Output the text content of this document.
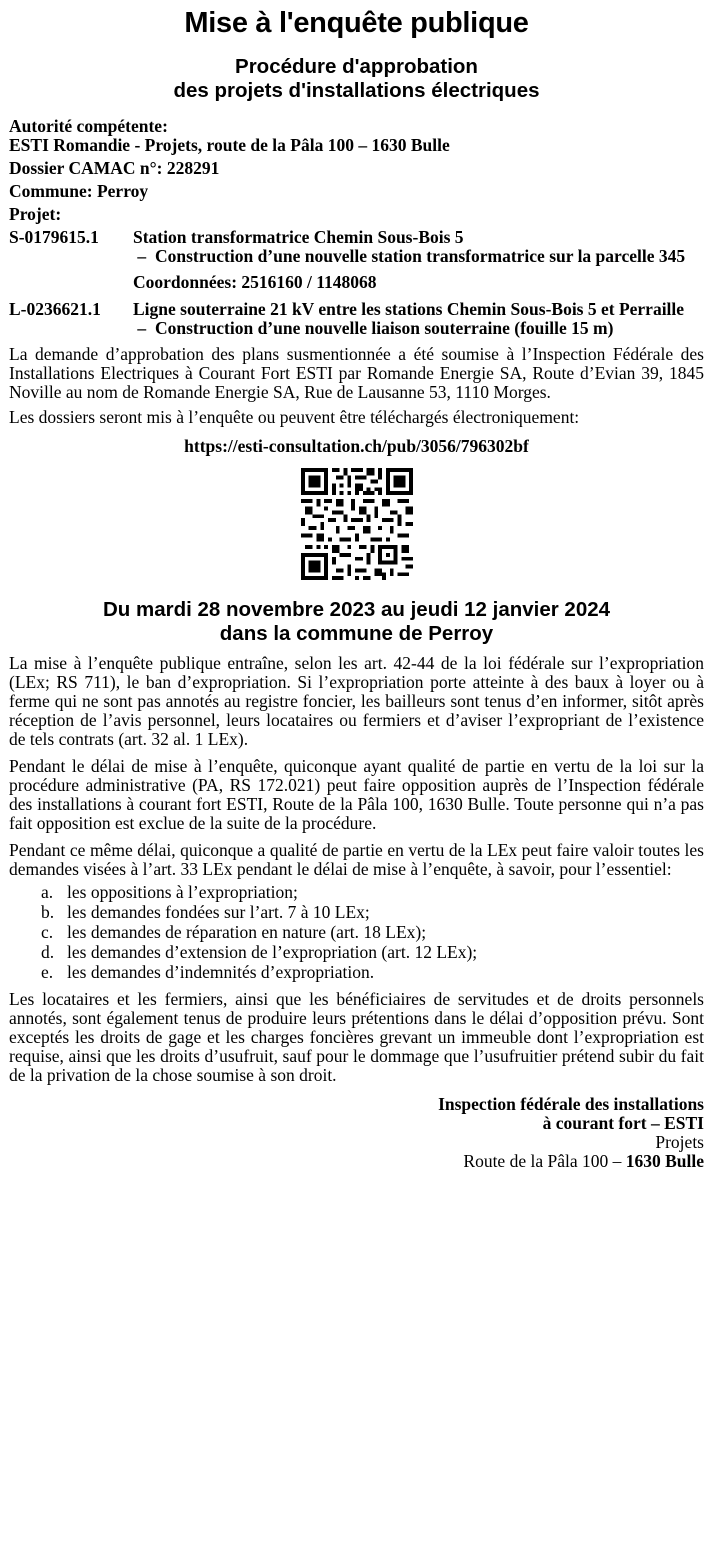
Mise à l'enquête publique
Procédure d'approbation
des projets d'installations électriques

Autorité compétente:
ESTI Romandie - Projets, route de la Pâla 100 – 1630 Bulle

Dossier CAMAC n°: 228291

Commune: Perroy

Projet:

S-0179615.1	Station transformatrice Chemin Sous-Bois 5
– Construction d’une nouvelle station transformatrice sur la parcelle 345
Coordonnées: 2516160 / 1148068
L-0236621.1	Ligne souterraine 21 kV entre les stations Chemin Sous-Bois 5 et Perraille
– Construction d’une nouvelle liaison souterraine (fouille 15 m)

La demande d’approbation des plans susmentionnée a été soumise à l’Inspection Fédérale des Installations Electriques à Courant Fort ESTI par Romande Energie SA, Route d’Evian 39, 1845 Noville au nom de Romande Energie SA, Rue de Lausanne 53, 1110 Morges.

Les dossiers seront mis à l’enquête ou peuvent être téléchargés électroniquement:

https://esti-consultation.ch/pub/3056/796302bf
Du mardi 28 novembre 2023 au jeudi 12 janvier 2024
dans la commune de Perroy

La mise à l’enquête publique entraîne, selon les art. 42-44 de la loi fédérale sur l’expropriation (LEx; RS 711), le ban d’expropriation. Si l’expropriation porte atteinte à des baux à loyer ou à ferme qui ne sont pas annotés au registre foncier, les bailleurs sont tenus d’en informer, sitôt après réception de l’avis personnel, leurs locataires ou fermiers et d’aviser l’expropriant de l’existence de tels contrats (art. 32 al. 1 LEx).

Pendant le délai de mise à l’enquête, quiconque ayant qualité de partie en vertu de la loi sur la procédure administrative (PA, RS 172.021) peut faire opposition auprès de l’Inspection fédérale des installations à courant fort ESTI, Route de la Pâla 100, 1630 Bulle. Toute personne qui n’a pas fait opposition est exclue de la suite de la procédure.

Pendant ce même délai, quiconque a qualité de partie en vertu de la LEx peut faire valoir toutes les demandes visées à l’art. 33 LEx pendant le délai de mise à l’enquête, à savoir, pour l’essentiel:

a. les oppositions à l’expropriation;
b. les demandes fondées sur l’art. 7 à 10 LEx;
c. les demandes de réparation en nature (art. 18 LEx);
d. les demandes d’extension de l’expropriation (art. 12 LEx);
e. les demandes d’indemnités d’expropriation.

Les locataires et les fermiers, ainsi que les bénéficiaires de servitudes et de droits personnels annotés, sont également tenus de produire leurs prétentions dans le délai d’opposition prévu. Sont exceptés les droits de gage et les charges foncières grevant un immeuble dont l’expropriation est requise, ainsi que les droits d’usufruit, sauf pour le dommage que l’usufruitier prétend subir du fait de la privation de la chose soumise à son droit.

Inspection fédérale des installations
à courant fort – ESTI
Projets
Route de la Pâla 100 – 1630 Bulle
